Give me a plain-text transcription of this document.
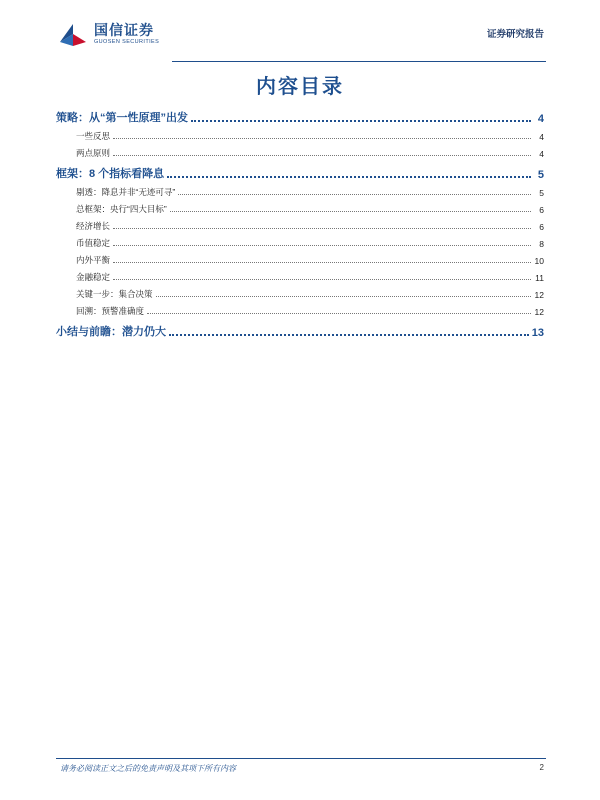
国信证券
GUOSEN SECURITIES
证券研究报告
内容目录
策略：从“第一性原理”出发	4
一些反思	4
两点原则	4
框架：8 个指标看降息	5
剔透：降息并非“无迹可寻”	5
总框架：央行“四大目标”	6
经济增长	6
币值稳定	8
内外平衡	10
金融稳定	11
关键一步：集合决策	12
回溯：预警准确度	12
小结与前瞻：潜力仍大	13
请务必阅读正文之后的免责声明及其项下所有内容	2
